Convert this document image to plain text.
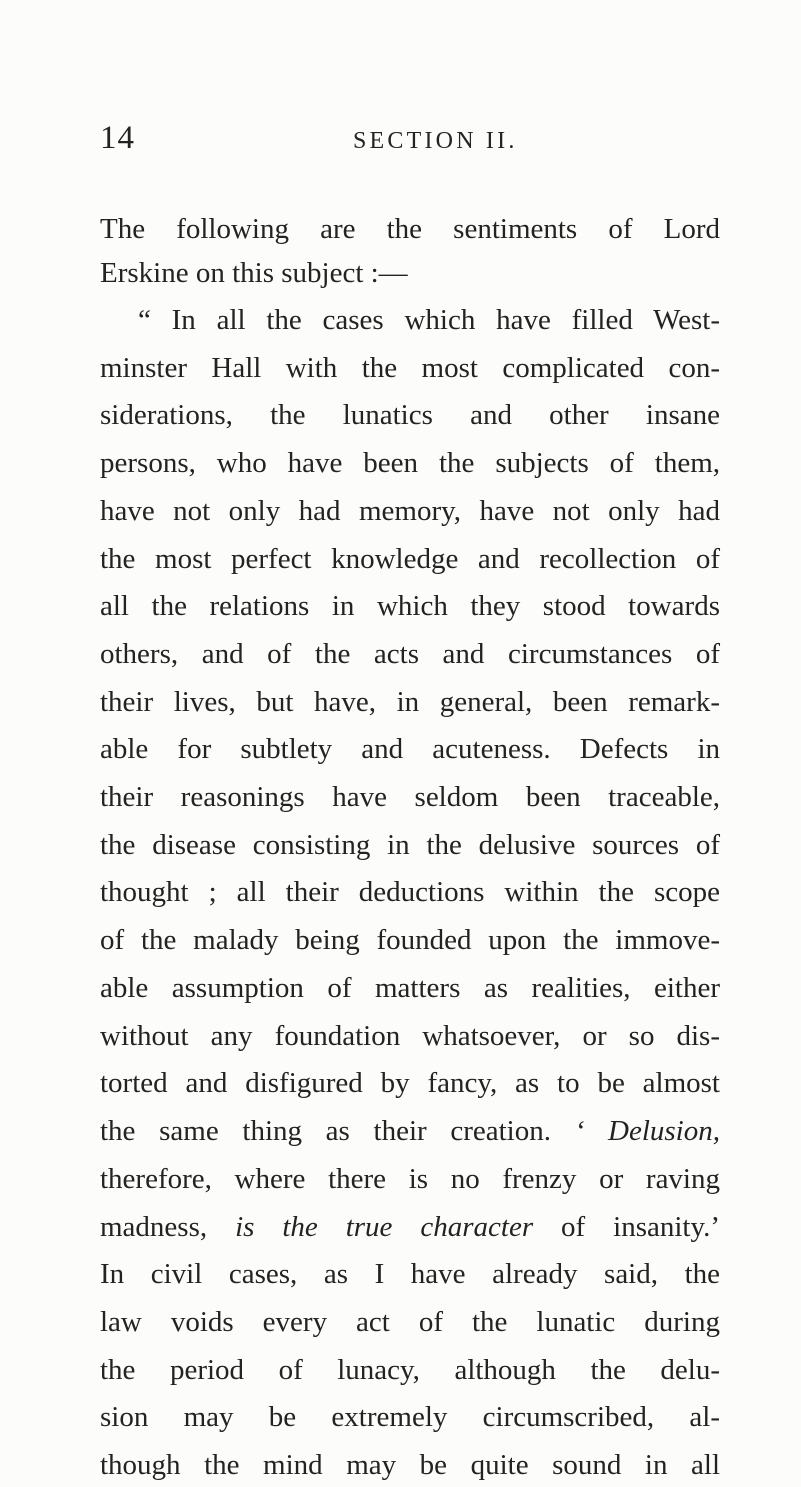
14	SECTION II.
The following are the sentiments of Lord
Erskine on this subject :—
“ In all the cases which have filled West-
minster Hall with the most complicated con-
siderations, the lunatics and other insane
persons, who have been the subjects of them,
have not only had memory, have not only had
the most perfect knowledge and recollection of
all the relations in which they stood towards
others, and of the acts and circumstances of
their lives, but have, in general, been remark-
able for subtlety and acuteness. Defects in
their reasonings have seldom been traceable,
the disease consisting in the delusive sources of
thought ; all their deductions within the scope
of the malady being founded upon the immove-
able assumption of matters as realities, either
without any foundation whatsoever, or so dis-
torted and disfigured by fancy, as to be almost
the same thing as their creation. ‘ Delusion,
therefore, where there is no frenzy or raving
madness, is the true character of insanity.’
In civil cases, as I have already said, the
law voids every act of the lunatic during
the period of lunacy, although the delu-
sion may be extremely circumscribed, al-
though the mind may be quite sound in all
